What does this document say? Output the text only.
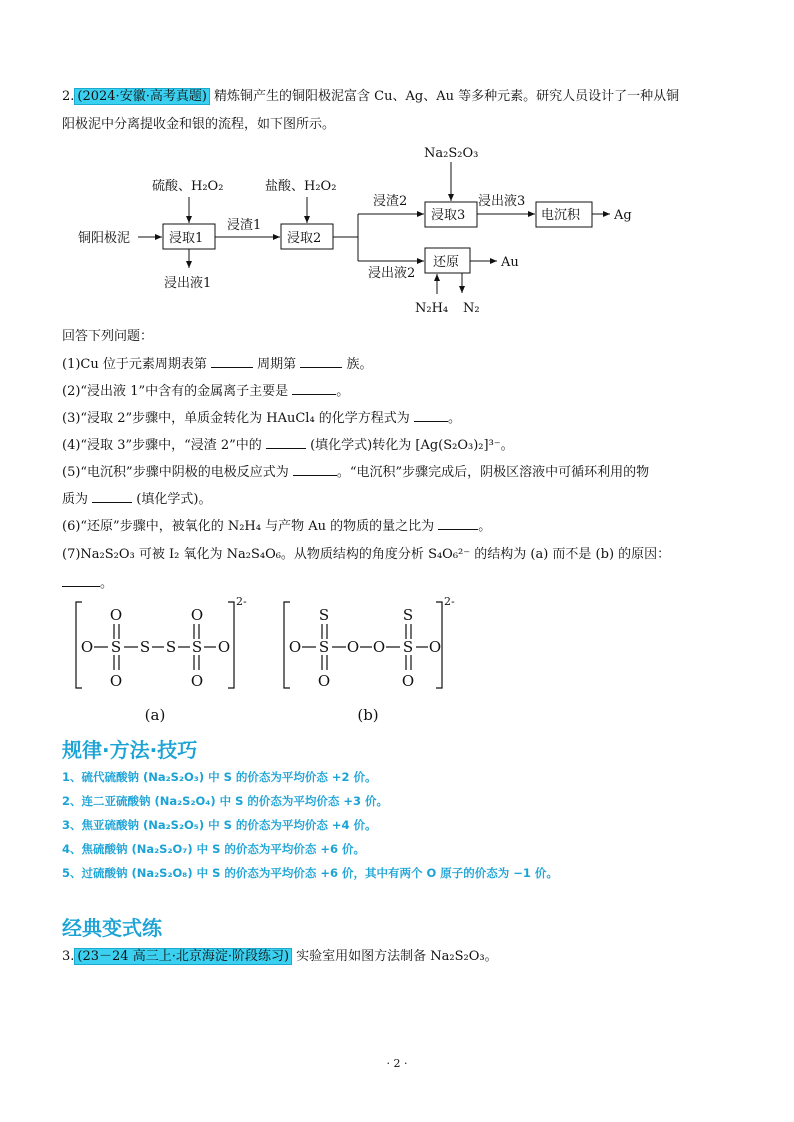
2. (2024·安徽·高考真题) 精炼铜产生的铜阳极泥富含 Cu、Ag、Au 等多种元素。研究人员设计了一种从铜
阳极泥中分离提收金和银的流程，如下图所示。
铜阳极泥
硫酸、H₂O₂
浸取1
浸出液1
浸渣1
盐酸、H₂O₂
浸取2
浸渣2
浸出液2
Na₂S₂O₃
浸取3
浸出液3
电沉积	Ag
还原	Au
N₂H₄ N₂
回答下列问题：
(1)Cu 位于元素周期表第	周期第	族。
(2)“浸出液 1”中含有的金属离子主要是	。
(3)“浸取 2”步骤中，单质金转化为 HAuCl₄ 的化学方程式为	。
(4)“浸取 3”步骤中，“浸渣 2”中的	(填化学式)转化为 [Ag(S₂O₃)₂]³⁻。
(5)“电沉积”步骤中阴极的电极反应式为	。“电沉积”步骤完成后，阴极区溶液中可循环利用的物
质为	(填化学式)。
(6)“还原”步骤中，被氧化的 N₂H₄ 与产物 Au 的物质的量之比为	。
(7)Na₂S₂O₃ 可被 I₂ 氧化为 Na₂S₄O₆。从物质结构的角度分析 S₄O₆²⁻ 的结构为 (a) 而不是 (b) 的原因：
。
O S S S S O
O
O
O
O
O S O O S O
S
O
S
O
(a)	(b)
2-	2-
规律·方法·技巧
1、硫代硫酸钠 (Na₂S₂O₃) 中 S 的价态为平均价态 +2 价。
2、连二亚硫酸钠 (Na₂S₂O₄) 中 S 的价态为平均价态 +3 价。
3、焦亚硫酸钠 (Na₂S₂O₅) 中 S 的价态为平均价态 +4 价。
4、焦硫酸钠 (Na₂S₂O₇) 中 S 的价态为平均价态 +6 价。
5、过硫酸钠 (Na₂S₂O₈) 中 S 的价态为平均价态 +6 价，其中有两个 O 原子的价态为 −1 价。
经典变式练
3. (23－24 高三上·北京海淀·阶段练习) 实验室用如图方法制备 Na₂S₂O₃。
· 2 ·
